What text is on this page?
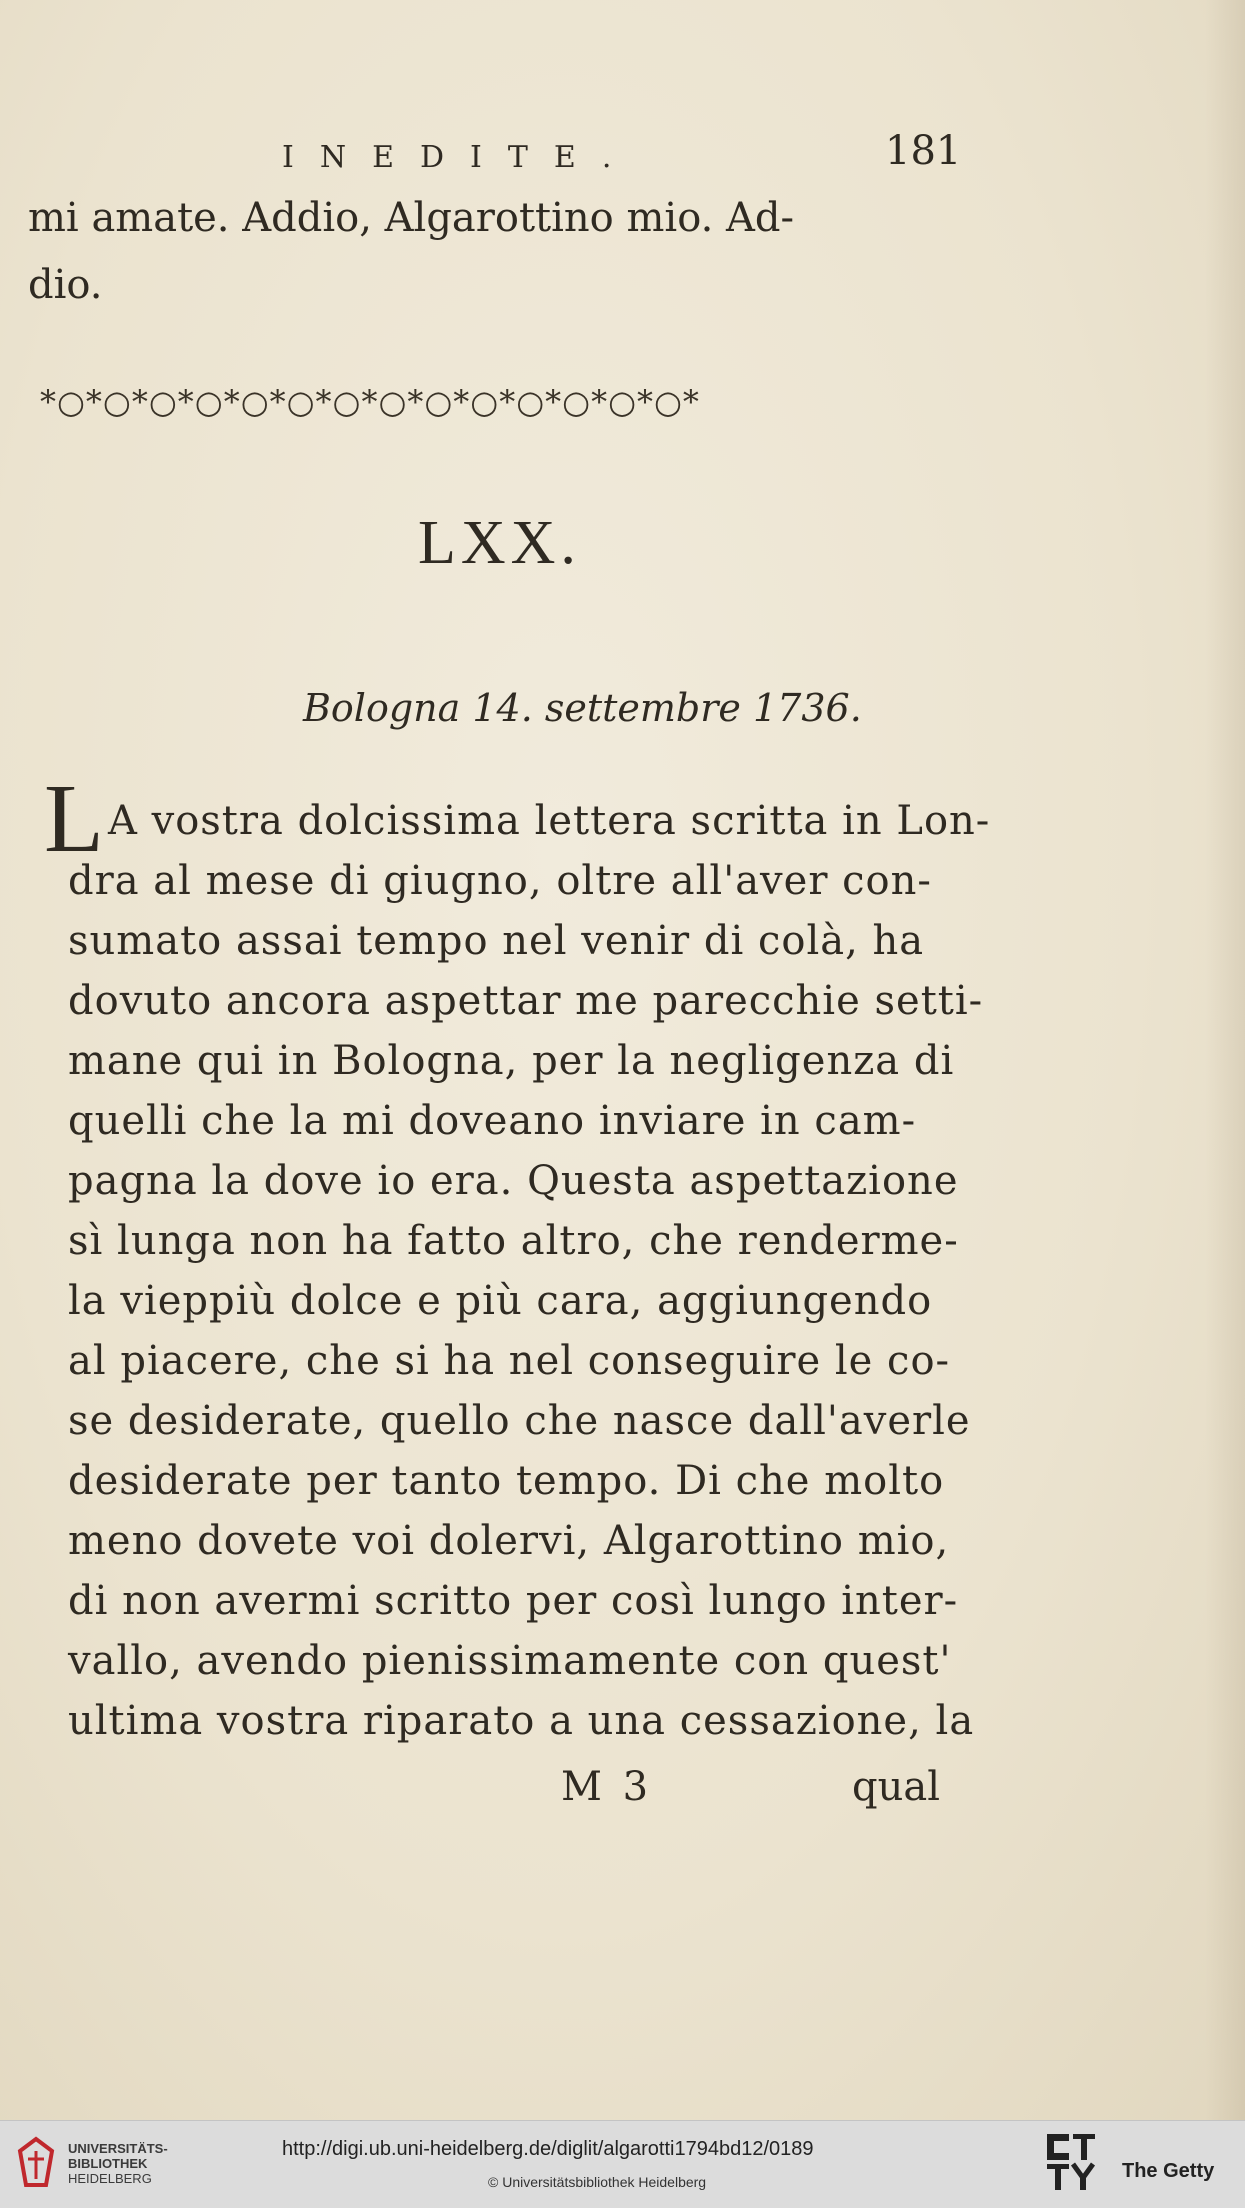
INEDITE.	181
mi amate. Addio, Algarottino mio. Ad-
dio.
*○*○*○*○*○*○*○*○*○*○*○*○*○*○*
LXX.
Bologna 14. settembre 1736.
L A vostra dolcissima lettera scritta in Lon-
dra al mese di giugno, oltre all'aver con-
sumato assai tempo nel venir di colà, ha
dovuto ancora aspettar me parecchie setti-
mane qui in Bologna, per la negligenza di
quelli che la mi doveano inviare in cam-
pagna la dove io era. Questa aspettazione
sì lunga non ha fatto altro, che renderme-
la vieppiù dolce e più cara, aggiungendo
al piacere, che si ha nel conseguire le co-
se desiderate, quello che nasce dall'averle
desiderate per tanto tempo. Di che molto
meno dovete voi dolervi, Algarottino mio,
di non avermi scritto per così lungo inter-
M 3	qual
vallo, avendo pienissimamente con quest'
ultima vostra riparato a una cessazione, la
UNIVERSITÄTS-
BIBLIOTHEK
HEIDELBERG
http://digi.ub.uni-heidelberg.de/diglit/algarotti1794bd12/0189
© Universitätsbibliothek Heidelberg	The Getty
